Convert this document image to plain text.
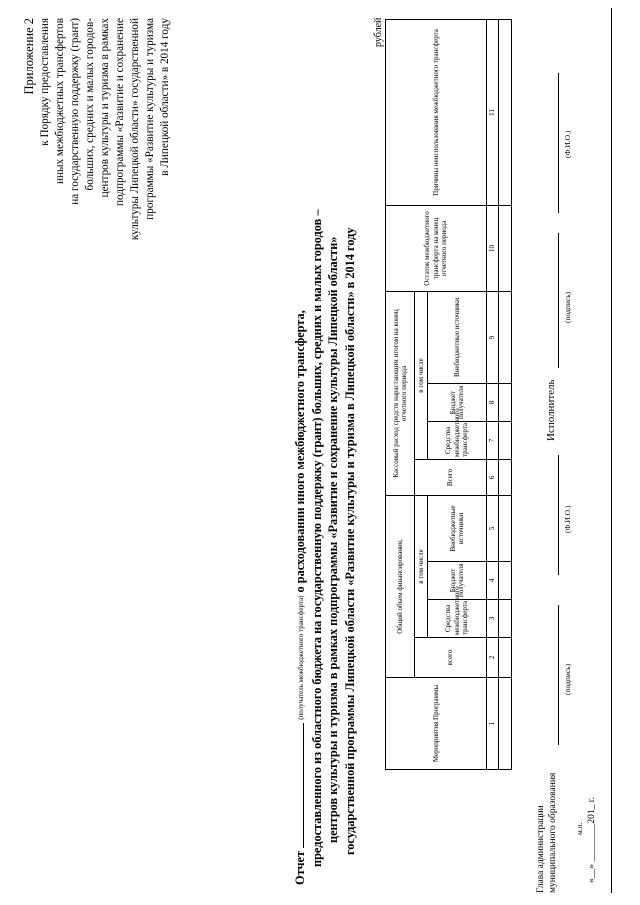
Приложение 2 к Порядку предоставления иных межбюджетных трансфертов на государственную поддержку (грант) больших, средних и малых городов- центров культуры и туризма в рамках подпрограммы «Развитие и сохранение культуры Липецкой области» государственной программы «Развитие культуры и туризма в Липецкой области» в 2014 году
Отчет  (получатель межбюджетного трансферта) о расходовании иного межбюджетного трансферта, предоставленного из областного бюджета на государственную поддержку (грант) больших, средних и малых городов – центров культуры и туризма в рамках подпрограммы «Развитие и сохранение культуры Липецкой области» государственной программы Липецкой области «Развитие культуры и туризма в Липецкой области» в 2014 году
рублей
Мероприятия Программы	Общий объем финансирования,				Кассовый расход средств нарастающим итогом на конец отчетного периода				Остаток межбюджетного трансферта на конец отчетного периода	Причины неиспользования межбюджетного трансферта
	всего	в том числе			Всего	в том числе				
		Средства межбюджетного трансферта	Бюджет получателя	Внебюджетные источники		Средства межбюджетного трансферта	Бюджет получателя	Внебюджетные источники		
1	2	3	4	5	6	7	8	9	10	11

Глава администрации муниципального образования
(подпись)
(Ф.И.О.)
Исполнитель
(подпись)
(Ф.И.О.)
м.п. «__» ________201_ г.
